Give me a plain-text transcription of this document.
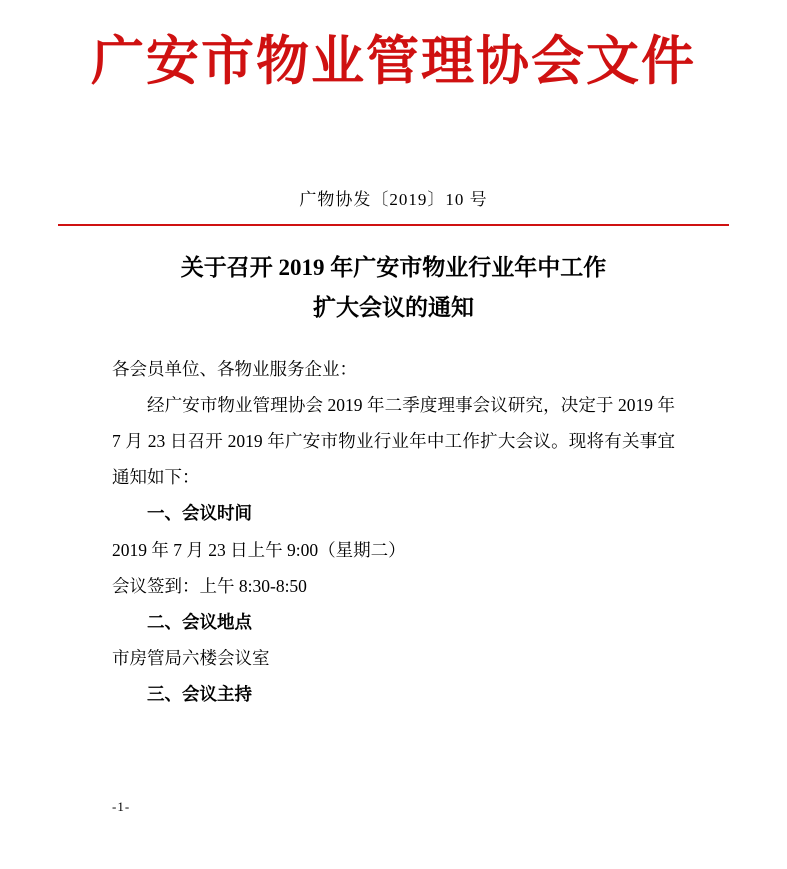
广安市物业管理协会文件
广物协发〔2019〕10 号
关于召开 2019 年广安市物业行业年中工作
扩大会议的通知

各会员单位、各物业服务企业：

经广安市物业管理协会 2019 年二季度理事会议研究，决定于 2019 年 7 月 23 日召开 2019 年广安市物业行业年中工作扩大会议。现将有关事宜通知如下：

一、会议时间

2019 年 7 月 23 日上午 9:00（星期二）

会议签到：上午 8:30-8:50

二、会议地点

市房管局六楼会议室

三、会议主持

-1-
